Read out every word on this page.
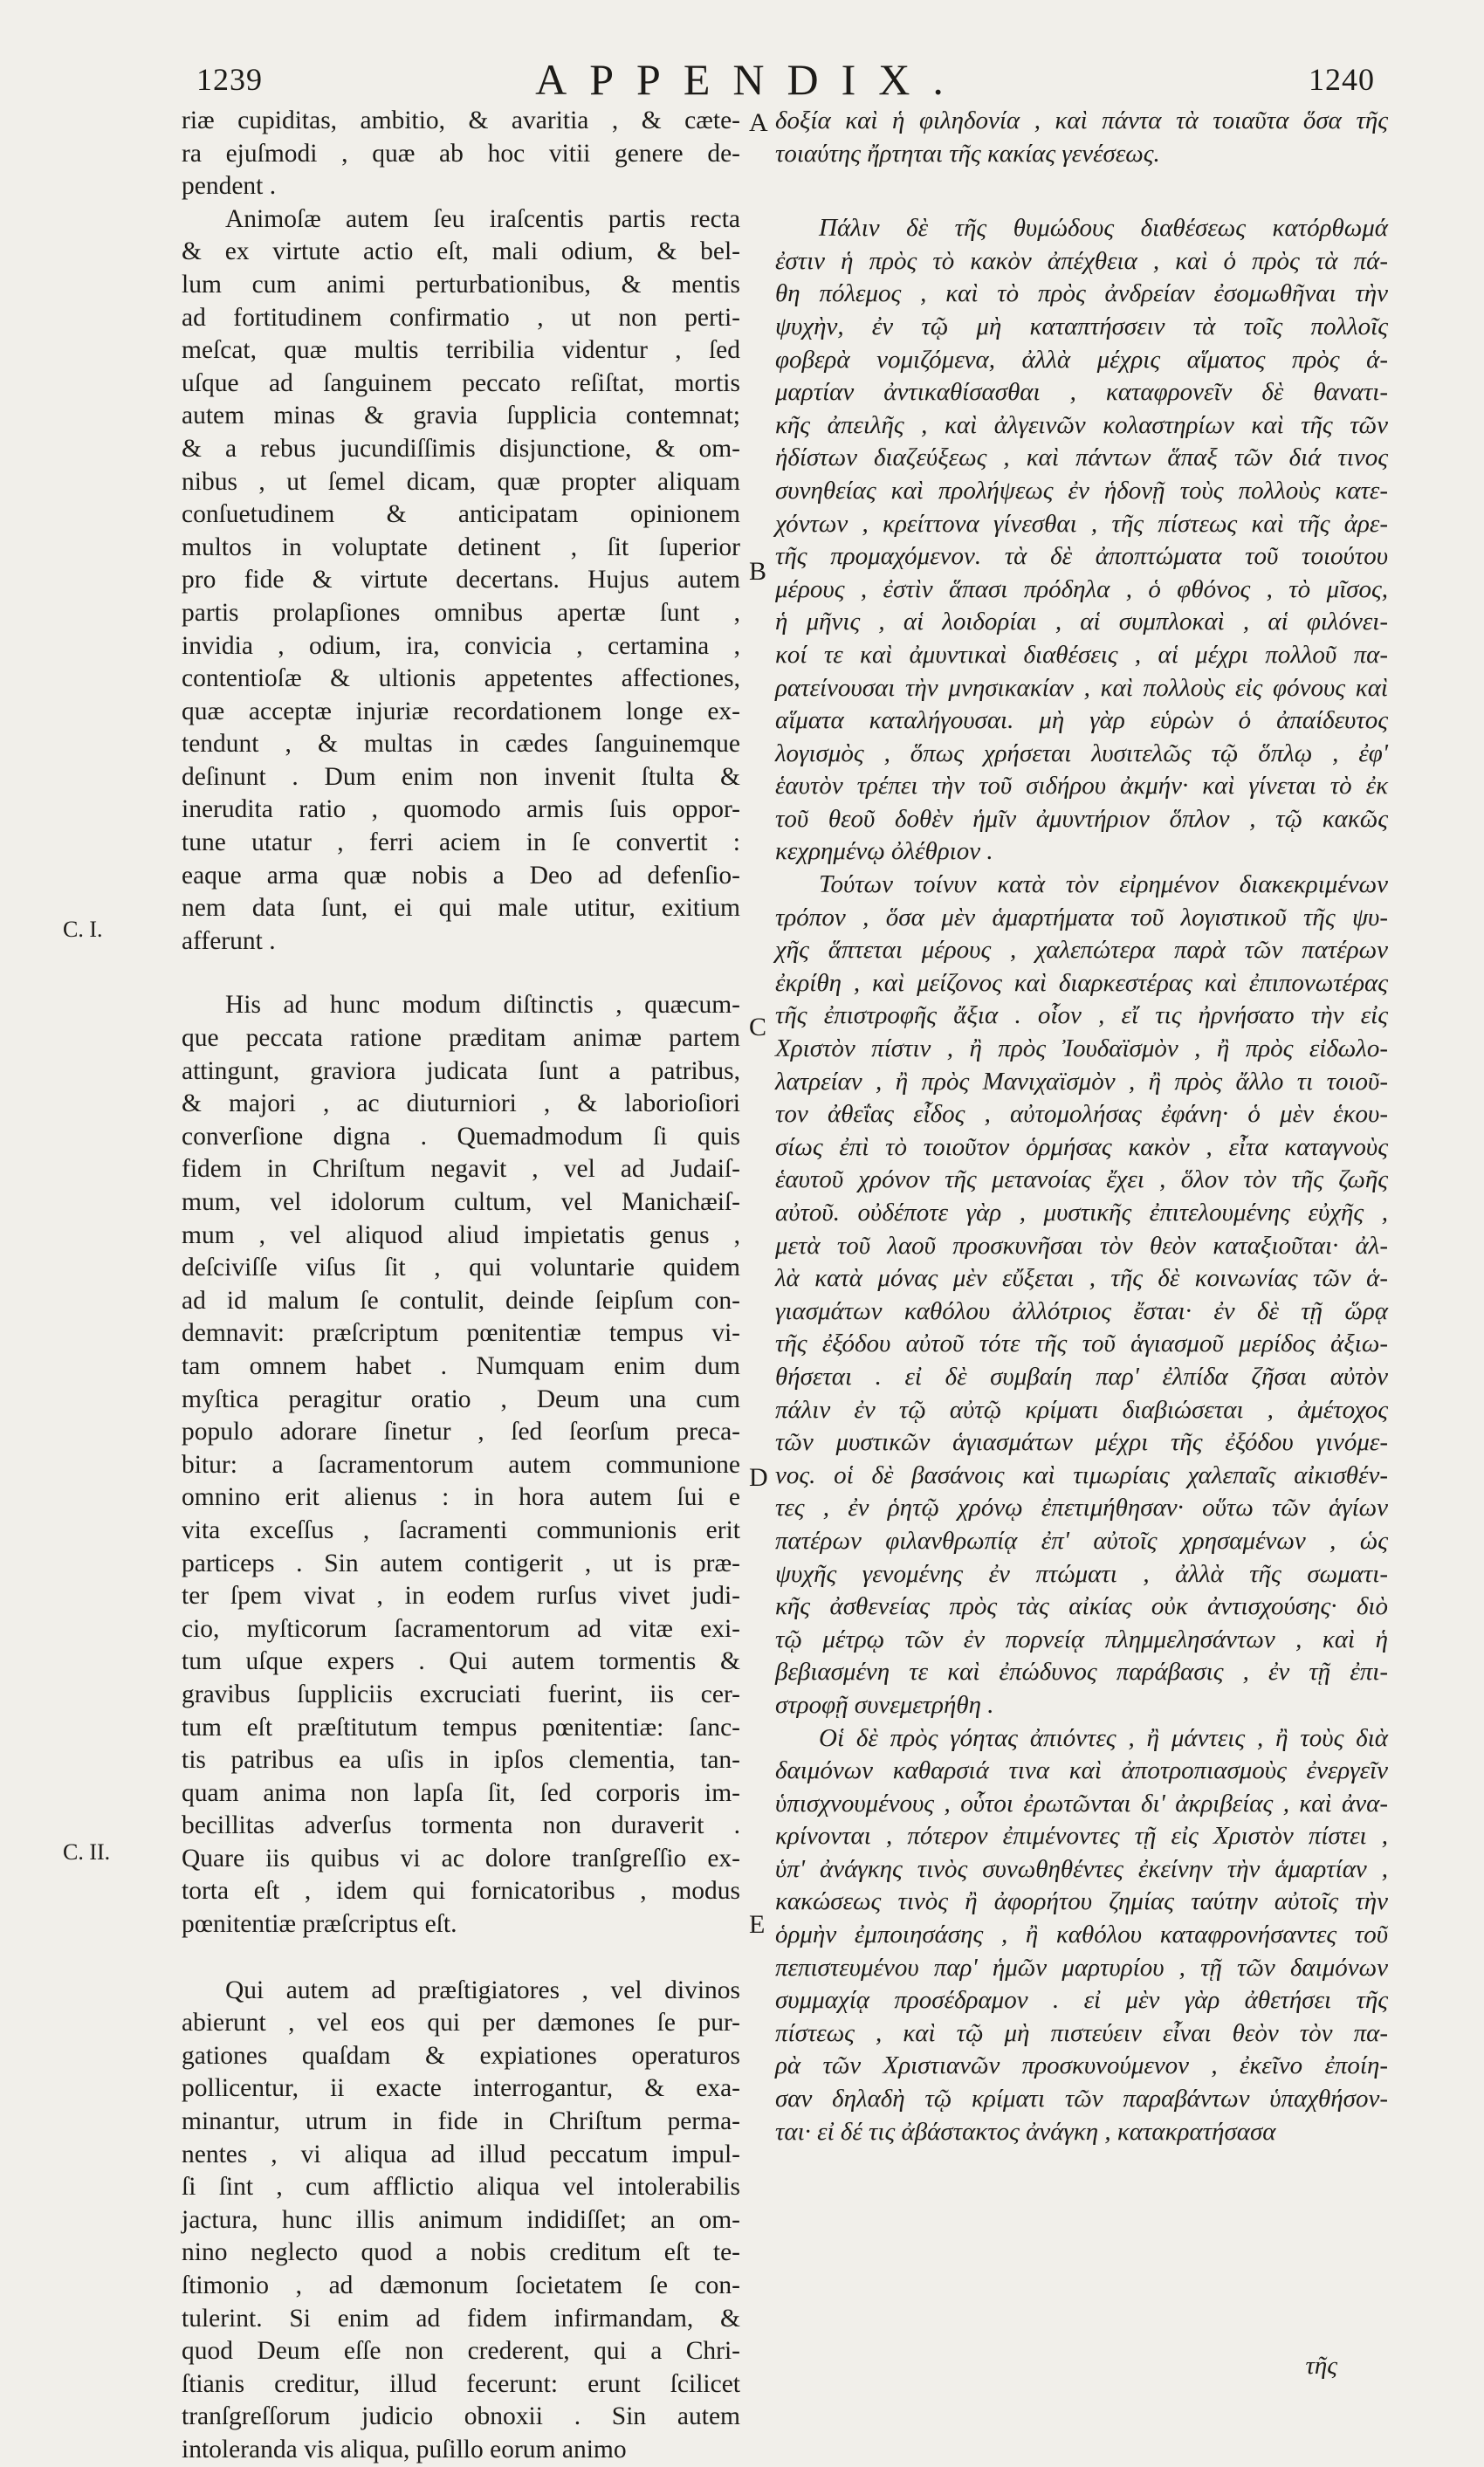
1239	APPENDIX.	1240
riæ cupiditas, ambitio, & avaritia , & cæte-
ra ejuſmodi , quæ ab hoc vitii genere de-
pendent .
Animoſæ autem ſeu iraſcentis partis recta
& ex virtute actio eſt, mali odium, & bel-
lum cum animi perturbationibus, & mentis
ad fortitudinem confirmatio , ut non perti-
meſcat, quæ multis terribilia videntur , ſed
uſque ad ſanguinem peccato reſiſtat, mortis
autem minas & gravia ſupplicia contemnat;
& a rebus jucundiſſimis disjunctione, & om-
nibus , ut ſemel dicam, quæ propter aliquam
conſuetudinem & anticipatam opinionem
multos in voluptate detinent , ſit ſuperior
pro fide & virtute decertans. Hujus autem
partis prolapſiones omnibus apertæ ſunt ,
invidia , odium, ira, convicia , certamina ,
contentioſæ & ultionis appetentes affectiones,
quæ acceptæ injuriæ recordationem longe ex-
tendunt , & multas in cædes ſanguinemque
deſinunt . Dum enim non invenit ſtulta &
inerudita ratio , quomodo armis ſuis oppor-
tune utatur , ferri aciem in ſe convertit :
eaque arma quæ nobis a Deo ad defenſio-
nem data ſunt, ei qui male utitur, exitium
afferunt .
His ad hunc modum diſtinctis , quæcum-
que peccata ratione præditam animæ partem
attingunt, graviora judicata ſunt a patribus,
& majori , ac diuturniori , & laborioſiori
converſione digna . Quemadmodum ſi quis
fidem in Chriſtum negavit , vel ad Judaiſ-
mum, vel idolorum cultum, vel Manichæiſ-
mum , vel aliquod aliud impietatis genus ,
deſciviſſe viſus ſit , qui voluntarie quidem
ad id malum ſe contulit, deinde ſeipſum con-
demnavit: præſcriptum pœnitentiæ tempus vi-
tam omnem habet . Numquam enim dum
myſtica peragitur oratio , Deum una cum
populo adorare ſinetur , ſed ſeorſum preca-
bitur: a ſacramentorum autem communione
omnino erit alienus : in hora autem ſui e
vita exceſſus , ſacramenti communionis erit
particeps . Sin autem contigerit , ut is præ-
ter ſpem vivat , in eodem rurſus vivet judi-
cio, myſticorum ſacramentorum ad vitæ exi-
tum uſque expers . Qui autem tormentis &
gravibus ſuppliciis excruciati fuerint, iis cer-
tum eſt præſtitutum tempus pœnitentiæ: ſanc-
tis patribus ea uſis in ipſos clementia, tan-
quam anima non lapſa ſit, ſed corporis im-
becillitas adverſus tormenta non duraverit .
Quare iis quibus vi ac dolore tranſgreſſio ex-
torta eſt , idem qui fornicatoribus , modus
pœnitentiæ præſcriptus eſt.
Qui autem ad præſtigiatores , vel divinos
abierunt , vel eos qui per dæmones ſe pur-
gationes quaſdam & expiationes operaturos
pollicentur, ii exacte interrogantur, & exa-
minantur, utrum in fide in Chriſtum perma-
nentes , vi aliqua ad illud peccatum impul-
ſi ſint , cum afflictio aliqua vel intolerabilis
jactura, hunc illis animum indidiſſet; an om-
nino neglecto quod a nobis creditum eſt te-
ſtimonio , ad dæmonum ſocietatem ſe con-
tulerint. Si enim ad fidem infirmandam, &
quod Deum eſſe non crederent, qui a Chri-
ſtianis creditur, illud fecerunt: erunt ſcilicet
tranſgreſſorum judicio obnoxii . Sin autem
intoleranda vis aliqua, puſillo eorum animo
δοξία καὶ ἡ φιληδονία , καὶ πάντα τὰ τοιαῦτα ὅσα τῆς
τοιαύτης ἤρτηται τῆς κακίας γενέσεως.
Πάλιν δὲ τῆς θυμώδους διαθέσεως κατόρθωμά
ἐστιν ἡ πρὸς τὸ κακὸν ἀπέχθεια , καὶ ὁ πρὸς τὰ πά-
θη πόλεμος , καὶ τὸ πρὸς ἀνδρείαν ἐσομωθῆναι τὴν
ψυχὴν, ἐν τῷ μὴ καταπτήσσειν τὰ τοῖς πολλοῖς
φοβερὰ νομιζόμενα, ἀλλὰ μέχρις αἵματος πρὸς ἁ-
μαρτίαν ἀντικαθίσασθαι , καταφρονεῖν δὲ θανατι-
κῆς ἀπειλῆς , καὶ ἀλγεινῶν κολαστηρίων καὶ τῆς τῶν
ἡδίστων διαζεύξεως , καὶ πάντων ἅπαξ τῶν διά τινος
συνηθείας καὶ προλήψεως ἐν ἡδονῇ τοὺς πολλοὺς κατε-
χόντων , κρείττονα γίνεσθαι , τῆς πίστεως καὶ τῆς ἀρε-
τῆς προμαχόμενον. τὰ δὲ ἀποπτώματα τοῦ τοιούτου
μέρους , ἐστὶν ἅπασι πρόδηλα , ὁ φθόνος , τὸ μῖσος,
ἡ μῆνις , αἱ λοιδορίαι , αἱ συμπλοκαὶ , αἱ φιλόνει-
κοί τε καὶ ἀμυντικαὶ διαθέσεις , αἱ μέχρι πολλοῦ πα-
ρατείνουσαι τὴν μνησικακίαν , καὶ πολλοὺς εἰς φόνους καὶ
αἵματα καταλήγουσαι. μὴ γὰρ εὑρὼν ὁ ἀπαίδευτος
λογισμὸς , ὅπως χρήσεται λυσιτελῶς τῷ ὅπλῳ , ἐφ'
ἑαυτὸν τρέπει τὴν τοῦ σιδήρου ἀκμήν· καὶ γίνεται τὸ ἐκ
τοῦ θεοῦ δοθὲν ἡμῖν ἀμυντήριον ὅπλον , τῷ κακῶς
κεχρημένῳ ὀλέθριον .
Τούτων τοίνυν κατὰ τὸν εἰρημένον διακεκριμένων
τρόπον , ὅσα μὲν ἁμαρτήματα τοῦ λογιστικοῦ τῆς ψυ-
χῆς ἅπτεται μέρους , χαλεπώτερα παρὰ τῶν πατέρων
ἐκρίθη , καὶ μείζονος καὶ διαρκεστέρας καὶ ἐπιπονωτέρας
τῆς ἐπιστροφῆς ἄξια . οἷον , εἴ τις ἠρνήσατο τὴν εἰς
Χριστὸν πίστιν , ἢ πρὸς Ἰουδαϊσμὸν , ἢ πρὸς εἰδωλο-
λατρείαν , ἢ πρὸς Μανιχαϊσμὸν , ἢ πρὸς ἄλλο τι τοιοῦ-
τον ἀθεΐας εἶδος , αὐτομολήσας ἐφάνη· ὁ μὲν ἑκου-
σίως ἐπὶ τὸ τοιοῦτον ὁρμήσας κακὸν , εἶτα καταγνοὺς
ἑαυτοῦ χρόνον τῆς μετανοίας ἔχει , ὅλον τὸν τῆς ζωῆς
αὐτοῦ. οὐδέποτε γὰρ , μυστικῆς ἐπιτελουμένης εὐχῆς ,
μετὰ τοῦ λαοῦ προσκυνῆσαι τὸν θεὸν καταξιοῦται· ἀλ-
λὰ κατὰ μόνας μὲν εὔξεται , τῆς δὲ κοινωνίας τῶν ἁ-
γιασμάτων καθόλου ἀλλότριος ἔσται· ἐν δὲ τῇ ὥρᾳ
τῆς ἐξόδου αὐτοῦ τότε τῆς τοῦ ἁγιασμοῦ μερίδος ἀξιω-
θήσεται . εἰ δὲ συμβαίη παρ' ἐλπίδα ζῆσαι αὐτὸν
πάλιν ἐν τῷ αὐτῷ κρίματι διαβιώσεται , ἀμέτοχος
τῶν μυστικῶν ἁγιασμάτων μέχρι τῆς ἐξόδου γινόμε-
νος. οἱ δὲ βασάνοις καὶ τιμωρίαις χαλεπαῖς αἰκισθέν-
τες , ἐν ῥητῷ χρόνῳ ἐπετιμήθησαν· οὕτω τῶν ἁγίων
πατέρων φιλανθρωπίᾳ ἐπ' αὐτοῖς χρησαμένων , ὡς
ψυχῆς γενομένης ἐν πτώματι , ἀλλὰ τῆς σωματι-
κῆς ἀσθενείας πρὸς τὰς αἰκίας οὐκ ἀντισχούσης· διὸ
τῷ μέτρῳ τῶν ἐν πορνείᾳ πλημμελησάντων , καὶ ἡ
βεβιασμένη τε καὶ ἐπώδυνος παράβασις , ἐν τῇ ἐπι-
στροφῇ συνεμετρήθη .
Οἱ δὲ πρὸς γόητας ἀπιόντες , ἢ μάντεις , ἢ τοὺς διὰ
δαιμόνων καθαρσιά τινα καὶ ἀποτροπιασμοὺς ἐνεργεῖν
ὑπισχνουμένους , οὗτοι ἐρωτῶνται δι' ἀκριβείας , καὶ ἀνα-
κρίνονται , πότερον ἐπιμένοντες τῇ εἰς Χριστὸν πίστει ,
ὑπ' ἀνάγκης τινὸς συνωθηθέντες ἐκείνην τὴν ἁμαρτίαν ,
κακώσεως τινὸς ἢ ἀφορήτου ζημίας ταύτην αὐτοῖς τὴν
ὁρμὴν ἐμποιησάσης , ἢ καθόλου καταφρονήσαντες τοῦ
πεπιστευμένου παρ' ἡμῶν μαρτυρίου , τῇ τῶν δαιμόνων
συμμαχίᾳ προσέδραμον . εἰ μὲν γὰρ ἀθετήσει τῆς
πίστεως , καὶ τῷ μὴ πιστεύειν εἶναι θεὸν τὸν πα-
ρὰ τῶν Χριστιανῶν προσκυνούμενον , ἐκεῖνο ἐποίη-
σαν δηλαδὴ τῷ κρίματι τῶν παραβάντων ὑπαχθήσον-
ται· εἰ δέ τις ἀβάστακτος ἀνάγκη , κατακρατήσασα
C. I.
C. II.
A
B
C
D
E
τῆς
